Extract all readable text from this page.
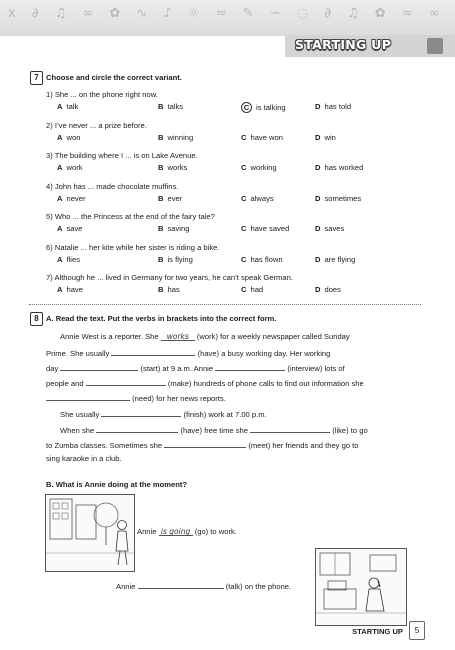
x ∂ ♫ ∞ ✿ ∿ ♪ ☼ ≈ ✎ ∽ ◌ ∂ ♫ ✿ ≈ ∞
STARTING UP
7 Choose and circle the correct variant.
1) She ... on the phone right now.
A talk	B talks	C is talking	D has told
2) I’ve never ... a prize before.
A won	B winning	C have won	D win
3) The building where I ... is on Lake Avenue.
A work	B works	C working	D has worked
4) John has ... made chocolate muffins.
A never	B ever	C always	D sometimes
5) Who ... the Princess at the end of the fairy tale?
A save	B saving	C have saved	D saves
6) Natalie ... her kite while her sister is riding a bike.
A flies	B is flying	C has flown	D are flying
7) Although he ... lived in Germany for two years, he can’t speak German.
A have	B has	C had	D does
8 A. Read the text. Put the verbs in brackets into the correct form.
Annie West is a reporter. She works (work) for a weekly newspaper called Sunday
Prime. She usually	(have) a busy working day. Her working
day	(start) at 9 a.m. Annie	(interview) lots of
people and	(make) hundreds of phone calls to find out information she
(need) for her news reports.
She usually	(finish) work at 7.00 p.m.
When she	(have) free time she	(like) to go
to Zumba classes. Sometimes she	(meet) her friends and they go to
sing karaoke in a club.
B. What is Annie doing at the moment?
Annie is going (go) to work.
Annie	(talk) on the phone.
STARTING UP	5
